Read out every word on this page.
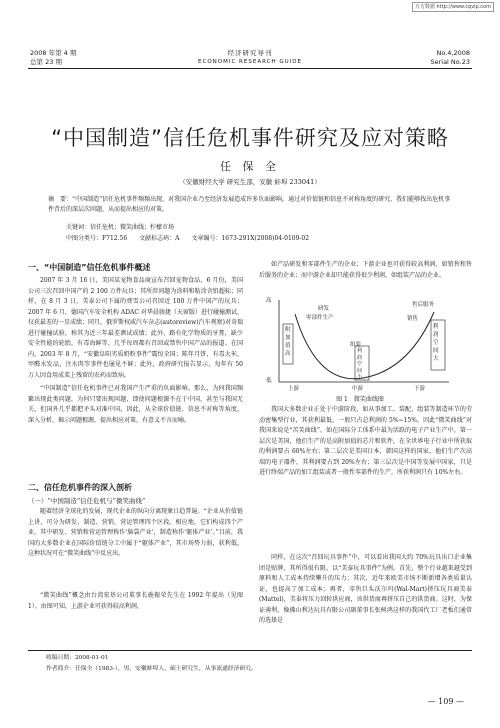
万方数据 http://www.cqvip.com
2008 年第 4 期
总第 23 期
经济研究导刊
ECONOMIC RESEARCH GUIDE
No.4,2008
Serial No.23
“中国制造”信任危机事件研究及应对策略
任 保 全
（安徽财经大学 研究生部，安徽 蚌埠 233041）
摘　要：“中国制造”信任危机事件频频出现，对我国企业乃至经济发展造成许多负面影响。通过对价值链和信息不对称角度的研究，我们能够找出危机事件背后的深层次问题，从而提出相应的对策。
关键词：信任危机；微笑曲线；柠檬市场
中图分类号：F712.56　　文献标志码：A　　文章编号：1673-291X(2008)04-0109-02
一、“中国制造”信任危机事件概述
2007 年 3 月 16 日，美国某宠物食品商宣布召回宠物食品，6 月份，美国公司三次召回中国产的 2 100 万件玩具；其所涉问题为涂料和粘涂含铅超标；同样，在 8 月 3 日，美泰公司下属的费雪公司召回近 100 万件中国产的玩具；2007 年 6 月，德国汽车安全机构 ADAC 对华晨骏捷（天窗版）进行碰撞测试，仅获最差的一星成绩；同月，俄罗斯权威汽车杂志(autoreview)汽车观察)对奇瑞进行碰撞试验，称其为近三年最差测试成绩；此外，路有化学物质的牙膏，缺少安全性能的轮胎，有毒海鲜等，几乎每周都有召回或禁售中国产品的报道。在国内，2003 年 8 月，“安徽阜阳劣质奶粉事件”震惊全国；陈年月饼，有毒大米，甲醛水发品，注水肉等事件也屡见不鲜；此外，政府研究报告显示，每年有 50 万人因食用成菜上残留的农药而致病。
“中国制造”信任危机事件已对我国产生严重的负面影响。那么，为何我国频繁出现此类问题，为何只要出现问题，即使问题根源不在于中国，甚至与我国无关，但国外几乎都把矛头对准中国，因此，从全球价值链、信息不对称等角度，深入分析，揭示问题根源，提出相应对策，有意义不言而喻。
二、信任危机事件的深入剖析
（一）“中国制造”信任危机与“微笑曲线”
随着经济全球化的发展，现代企业的纵向分离现象日趋普遍。“企业从价值链上讲，可分为研发、制造、营销、营运管理四个区段。相应地，它们构成四个产业，其中研发、营销和营运管理称作‘脑袋产业’，制造称作‘躯体产业’。”目前，我国的大多数企业在国际价值链分工中属于“躯体产业”，其市场势力弱，获利低，这种状况可在“微笑曲线”中反应出。
“微笑曲线”概念由台湾宏基公司董事长施振荣先生在 1992 年提出（见图 1）。由图可知，上游企业可获得较高利润，
如产品研发和零部件生产的企业；下游企业也可获得较高利润，如销售和售后服务的企业；而中游企业却只能获得很少利润，如组装产品的企业。
高
低
附加值高
售后服务
研发
零部件生产	销售
组装
利润空间小
利润空间大
上游	中游	下游
图 1　微笑曲线图
我国大多数企业正处于中游阶段，如从事加工、装配、组装等制造环节的劳动密集型行业，其获利最低，一般只占总利润的 5%~15%，因此“微笑曲线”对我国来说是“苦笑曲线”。如在国际分工体系中最为活跃的电子产业生产中，第一层次是美国，他们生产的是高附加值的芯片和软件，在全世界电子行业中所获取的利润要占 60%左右；第二层次是美国日本，韩国这样的国家，他们生产次高端的电子器件，其利润要占到 20%左右；第三层次是中国等发展中国家，只是进行终端产品的加工组装或者一般性零部件的生产，所获利润只有 10%左右。
同样，在这次“召回玩具事件”中，可以看出我国大约 70%玩具出口企业集团是贴牌，其所得很有限。以“美泰玩具事件”为例。首先，整个行业越来越受到原料和人工成本持续攀升的压力；其次，近年来欧美市场不断新增各类质量认证，也提高了加工成本；再者，零售巨头沃尔玛(Wal-Mart)挤压玩具商美泰(Mattel)，美泰将压力回转供应商，该供货商再挤压自己的供货商。这时，为保证薄利，像佛山利达玩具有限公司副董事长张树鸿这样的我国代工厂老板们通常的选择是
收稿日期：2008-01-01
作者简介：任保全（1983-），男，安徽蚌埠人，硕士研究生，从事流通经济研究。
— 109 —
